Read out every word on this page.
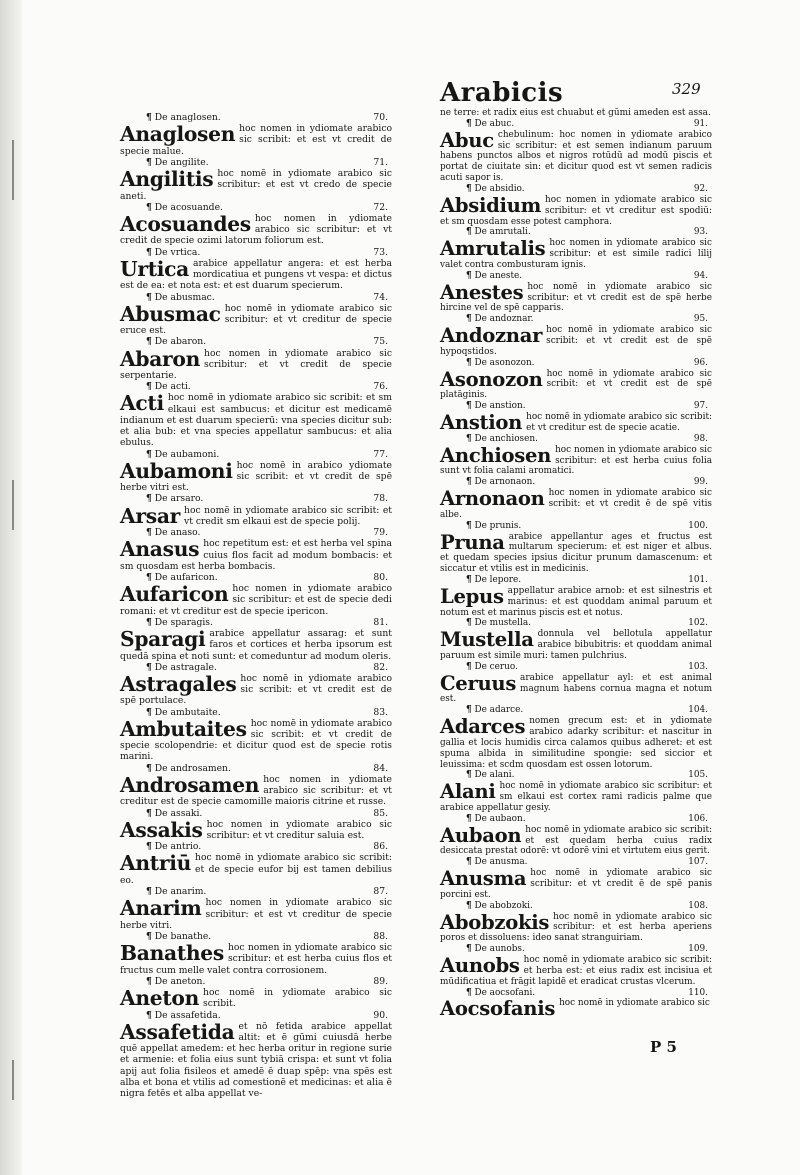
Arabicis	329
¶ De anaglosen.	70.
Anaglosen hoc nomen in ydiomate arabico sic scribit: et est vt credit de specie malue.
¶ De angilite.	71.
Angilitis hoc nomē in ydiomate arabico sic scribitur: et est vt credo de specie aneti.
¶ De acosuande.	72.
Acosuandes hoc nomen in ydiomate arabico sic scribitur: et vt credit de specie ozimi latorum foliorum est.
¶ De vrtica.	73.
Urtica arabice appellatur angera: et est herba mordicatiua et pungens vt vespa: et dictus est de ea: et nota est: et est duarum specierum.
¶ De abusmac.	74.
Abusmac hoc nomē in ydiomate arabico sic scribitur: et vt creditur de specie eruce est.
¶ De abaron.	75.
Abaron hoc nomen in ydiomate arabico sic scribitur: et vt credit de specie serpentarie.
¶ De acti.	76.
Acti hoc nomē in ydiomate arabico sic scribit: et sm elkaui est sambucus: et dicitur est medicamē indianum et est duarum specierū: vna species dicitur sub: et alia bub: et vna species appellatur sambucus: et alia ebulus.
¶ De aubamoni.	77.
Aubamoni hoc nomē in arabico ydiomate sic scribit: et vt credit de spē herbe vitri est.
¶ De arsaro.	78.
Arsar hoc nomē in ydiomate arabico sic scribit: et vt credit sm elkaui est de specie polij.
¶ De anaso.	79.
Anasus hoc repetitum est: et est herba vel spina cuius flos facit ad modum bombacis: et sm quosdam est herba bombacis.
¶ De aufaricon.	80.
Aufaricon hoc nomen in ydiomate arabico sic scribitur: et est de specie dedi romani: et vt creditur est de specie ipericon.
¶ De sparagis.	81.
Sparagi arabice appellatur assarag: et sunt faros et cortices et herba ipsorum est quedā spina et noti sunt: et comeduntur ad modum oleris.
¶ De astragale.	82.
Astragales hoc nomē in ydiomate arabico sic scribit: et vt credit est de spē portulace.
¶ De ambutaite.	83.
Ambutaites hoc nomē in ydiomate arabico sic scribit: et vt credit de specie scolopendrie: et dicitur quod est de specie rotis marini.
¶ De androsamen.	84.
Androsamen hoc nomen in ydiomate arabico sic scribitur: et vt creditur est de specie camomille maioris citrine et russe.
¶ De assaki.	85.
Assakis hoc nomen in ydiomate arabico sic scribitur: et vt creditur saluia est.
¶ De antrio.	86.
Antriū hoc nomē in ydiomate arabico sic scribit: et de specie eufor bij est tamen debilius eo.
¶ De anarim.	87.
Anarim hoc nomen in ydiomate arabico sic scribitur: et est vt creditur de specie herbe vitri.
¶ De banathe.	88.
Banathes hoc nomen in ydiomate arabico sic scribitur: et est herba cuius flos et fructus cum melle valet contra corrosionem.
¶ De aneton.	89.
Aneton hoc nomē in ydiomate arabico sic scribit.
¶ De assafetida.	90.
Assafetida et nō fetida arabice appellat altit: et ē gūmi cuiusdā herbe quē appellat amedem: et hec herba oritur in regione surie et armenie: et folia eius sunt tybiā crispa: et sunt vt folia apij aut folia fisileos et amedē ē duap spēp: vna spēs est alba et bona et vtilis ad comestionē et medicinas: et alia ē nigra fetēs et alba appellat ve-
ne terre: et radix eius est chuabut et gūmi ameden est assa.
¶ De abuc.	91.
Abuc chebulinum: hoc nomen in ydiomate arabico sic scribitur: et est semen indianum paruum habens punctos albos et nigros rotūdū ad modū piscis et portat de ciuitate sin: et dicitur quod est vt semen radicis acuti sapor is.
¶ De absidio.	92.
Absidium hoc nomen in ydiomate arabico sic scribitur: et vt creditur est spodiū: et sm quosdam esse potest camphora.
¶ De amrutali.	93.
Amrutalis hoc nomen in ydiomate arabico sic scribitur: et est simile radici lilij valet contra combusturam ignis.
¶ De aneste.	94.
Anestes hoc nomē in ydiomate arabico sic scribitur: et vt credit est de spē herbe hircine vel de spē capparis.
¶ De andoznar.	95.
Andoznar hoc nomē in ydiomate arabico sic scribit: et vt credit est de spē hypoqstidos.
¶ De asonozon.	96.
Asonozon hoc nomē in ydiomate arabico sic scribit: et vt credit est de spē platāginis.
¶ De anstion.	97.
Anstion hoc nomē in ydiomate arabico sic scribit: et vt creditur est de specie acatie.
¶ De anchiosen.	98.
Anchiosen hoc nomen in ydiomate arabico sic scribitur: et est herba cuius folia sunt vt folia calami aromatici.
¶ De arnonaon.	99.
Arnonaon hoc nomen in ydiomate arabico sic scribit: et vt credit ē de spē vitis albe.
¶ De prunis.	100.
Pruna arabice appellantur ages et fructus est multarum specierum: et est niger et albus. et quedam species ipsius dicitur prunum damascenum: et siccatur et vtilis est in medicinis.
¶ De lepore.	101.
Lepus appellatur arabice arnob: et est silnestris et marinus: et est quoddam animal paruum et notum est et marinus piscis est et notus.
¶ De mustella.	102.
Mustella donnula vel bellotula appellatur arabice bibubitris: et quoddam animal paruum est simile muri: tamen pulchrius.
¶ De ceruo.	103.
Ceruus arabice appellatur ayl: et est animal magnum habens cornua magna et notum est.
¶ De adarce.	104.
Adarces nomen grecum est: et in ydiomate arabico adarky scribitur: et nascitur in gallia et locis humidis circa calamos quibus adheret: et est spuma albida in similitudine spongie: sed siccior et leuissima: et scdm quosdam est ossen lotorum.
¶ De alani.	105.
Alani hoc nomē in ydiomate arabico sic scribitur: et sm elkaui est cortex rami radicis palme que arabice appellatur gesiy.
¶ De aubaon.	106.
Aubaon hoc nomē in ydiomate arabico sic scribit: et est quedam herba cuius radix desiccata prestat odorē: vt odorē vini et virtutem eius gerit.
¶ De anusma.	107.
Anusma hoc nomē in ydiomate arabico sic scribitur: et vt credit ē de spē panis porcini est.
¶ De abobzoki.	108.
Abobzokis hoc nomē in ydiomate arabico sic scribitur: et est herba aperiens poros et dissoluens: ideo sanat stranguiriam.
¶ De aunobs.	109.
Aunobs hoc nomē in ydiomate arabico sic scribit: et herba est: et eius radix est incisiua et mūdificatiua et frāgit lapidē et eradicat crustas vlcerum.
¶ De aocsofani.	110.
Aocsofanis hoc nomē in ydiomate arabico sic
P 5
